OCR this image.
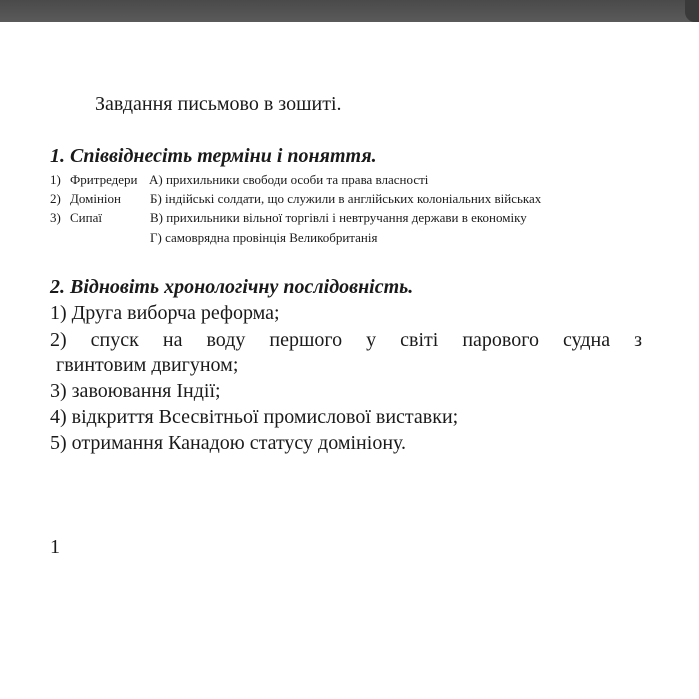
Завдання письмово в зошиті.
1. Співвіднесіть терміни і поняття.
1) Фритредери А) прихильники свободи особи та права власності
2) Домініон Б) індійські солдати, що служили в англійських колоніальних військах
3) Сипаї	В) прихильники вільної торгівлі і невтручання держави в економіку
Г) самоврядна провінція Великобританія
2. Відновіть хронологічну послідовність.
1) Друга виборча реформа;
2) спуск на воду першого у світі парового судна з
гвинтовим двигуном;
3) завоювання Індії;
4) відкриття Всесвітньої промислової виставки;
5) отримання Канадою статусу домініону.
1
